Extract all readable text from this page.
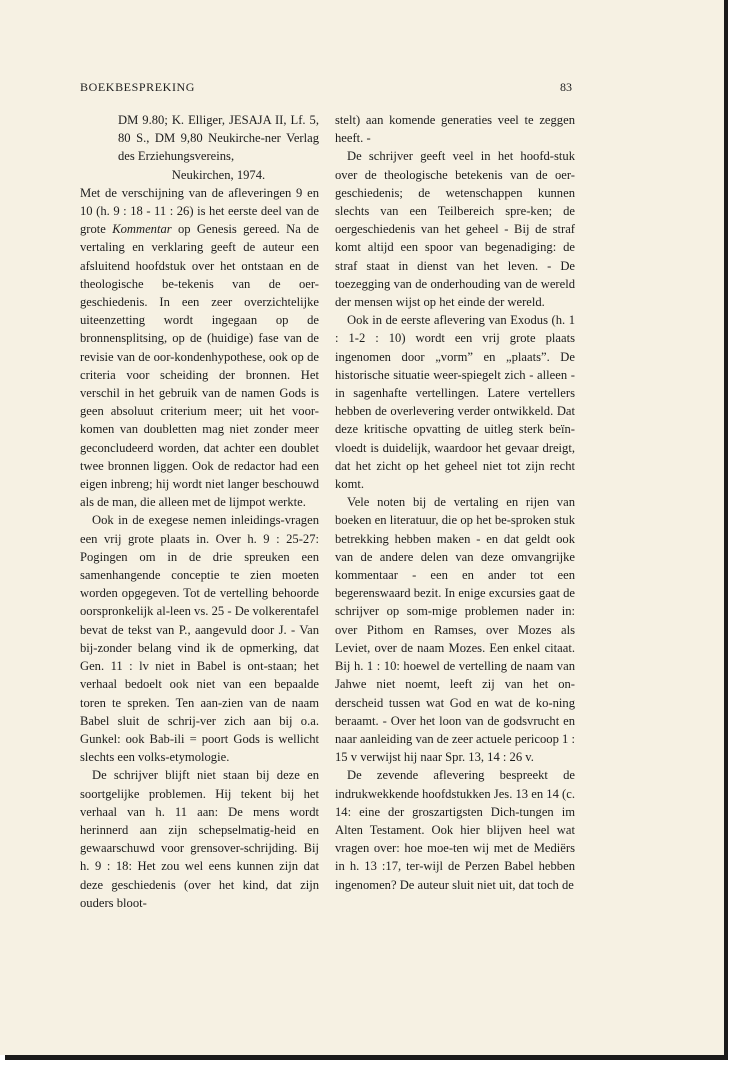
BOEKBESPREKING	83

DM 9.80; K. Elliger, JESAJA II, Lf. 5, 80 S., DM 9,80 Neukirche-ner Verlag des Erziehungsvereins,

Neukirchen, 1974.

Met de verschijning van de afleveringen 9 en 10 (h. 9 : 18 - 11 : 26) is het eerste deel van de grote Kommentar op Genesis gereed. Na de vertaling en verklaring geeft de auteur een afsluitend hoofdstuk over het ontstaan en de theologische be-tekenis van de oer-geschiedenis. In een zeer overzichtelijke uiteenzetting wordt ingegaan op de bronnensplitsing, op de (huidige) fase van de revisie van de oor-kondenhypothese, ook op de criteria voor scheiding der bronnen. Het verschil in het gebruik van de namen Gods is geen absoluut criterium meer; uit het voor-komen van doubletten mag niet zonder meer geconcludeerd worden, dat achter een doublet twee bronnen liggen. Ook de redactor had een eigen inbreng; hij wordt niet langer beschouwd als de man, die alleen met de lijmpot werkte.

Ook in de exegese nemen inleidings-vragen een vrij grote plaats in. Over h. 9 : 25-27: Pogingen om in de drie spreuken een samenhangende conceptie te zien moeten worden opgegeven. Tot de vertelling behoorde oorspronkelijk al-leen vs. 25 - De volkerentafel bevat de tekst van P., aangevuld door J. - Van bij-zonder belang vind ik de opmerking, dat Gen. 11 : lv niet in Babel is ont-staan; het verhaal bedoelt ook niet van een bepaalde toren te spreken. Ten aan-zien van de naam Babel sluit de schrij-ver zich aan bij o.a. Gunkel: ook Bab-ili = poort Gods is wellicht slechts een volks-etymologie.

De schrijver blijft niet staan bij deze en soortgelijke problemen. Hij tekent bij het verhaal van h. 11 aan: De mens wordt herinnerd aan zijn schepselmatig-heid en gewaarschuwd voor grensover-schrijding. Bij h. 9 : 18: Het zou wel eens kunnen zijn dat deze geschiedenis (over het kind, dat zijn ouders bloot-

stelt) aan komende generaties veel te zeggen heeft. -

De schrijver geeft veel in het hoofd-stuk over de theologische betekenis van de oer-geschiedenis; de wetenschappen kunnen slechts van een Teilbereich spre-ken; de oergeschiedenis van het geheel - Bij de straf komt altijd een spoor van begenadiging: de straf staat in dienst van het leven. - De toezegging van de onderhouding van de wereld der mensen wijst op het einde der wereld.

Ook in de eerste aflevering van Exodus (h. 1 : 1-2 : 10) wordt een vrij grote plaats ingenomen door „vorm” en „plaats”. De historische situatie weer-spiegelt zich - alleen - in sagenhafte vertellingen. Latere vertellers hebben de overlevering verder ontwikkeld. Dat deze kritische opvatting de uitleg sterk beïn-vloedt is duidelijk, waardoor het gevaar dreigt, dat het zicht op het geheel niet tot zijn recht komt.

Vele noten bij de vertaling en rijen van boeken en literatuur, die op het be-sproken stuk betrekking hebben maken - en dat geldt ook van de andere delen van deze omvangrijke kommentaar - een en ander tot een begerenswaard bezit. In enige excursies gaat de schrijver op som-mige problemen nader in: over Pithom en Ramses, over Mozes als Leviet, over de naam Mozes. Een enkel citaat. Bij h. 1 : 10: hoewel de vertelling de naam van Jahwe niet noemt, leeft zij van het on-derscheid tussen wat God en wat de ko-ning beraamt. - Over het loon van de godsvrucht en naar aanleiding van de zeer actuele pericoop 1 : 15 v verwijst hij naar Spr. 13, 14 : 26 v.

De zevende aflevering bespreekt de indrukwekkende hoofdstukken Jes. 13 en 14 (c. 14: eine der groszartigsten Dich-tungen im Alten Testament. Ook hier blijven heel wat vragen over: hoe moe-ten wij met de Mediërs in h. 13 :17, ter-wijl de Perzen Babel hebben ingenomen? De auteur sluit niet uit, dat toch de
